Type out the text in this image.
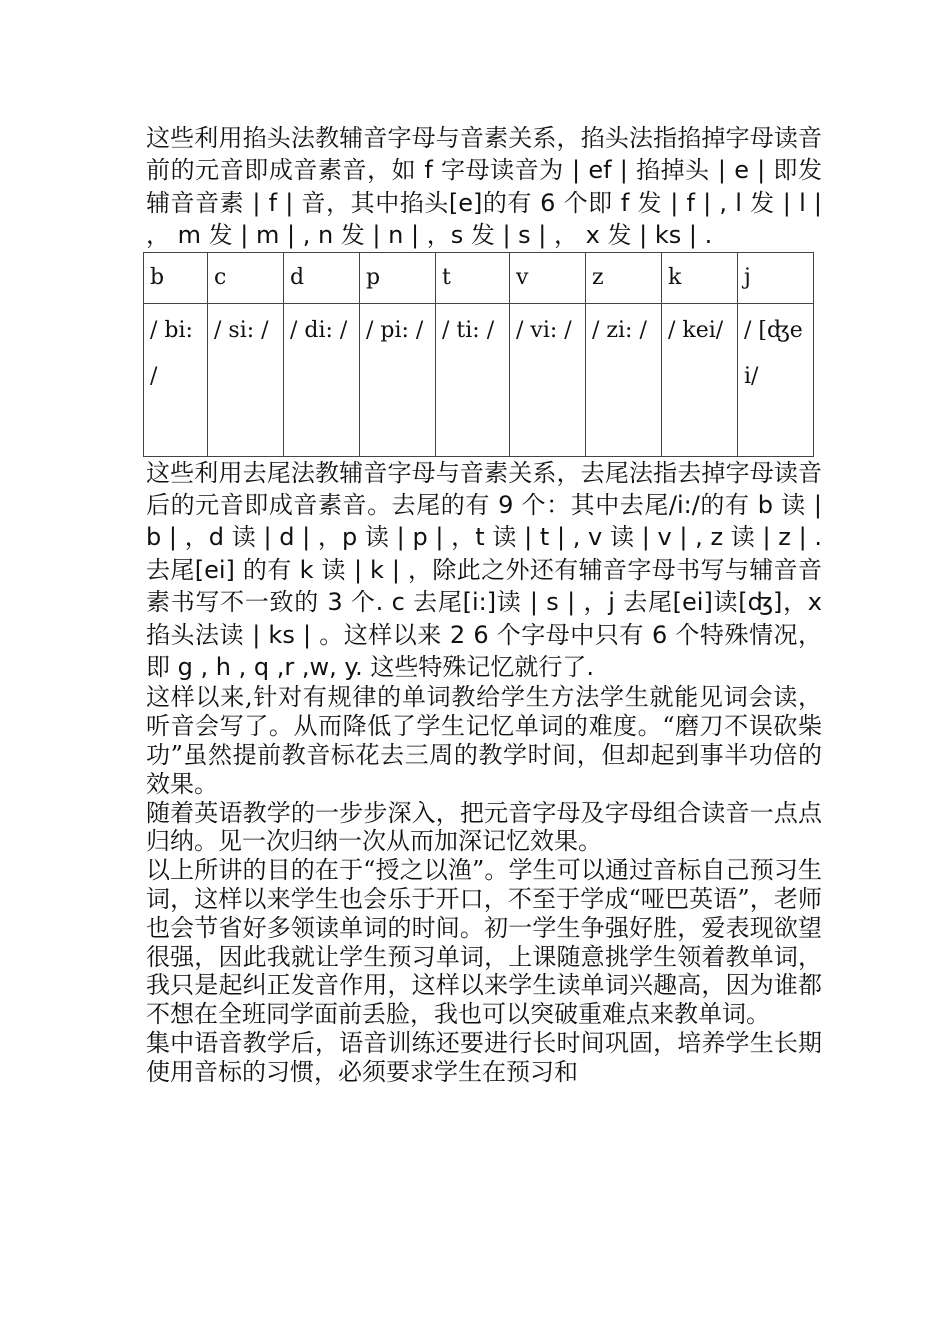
这些利用掐头法教辅音字母与音素关系，掐头法指掐掉字母读音前的元音即成音素音，如 f 字母读音为 | ef | 掐掉头 | e | 即发辅音音素 | f | 音，其中掐头[e]的有 6 个即 f 发 | f | , l 发 | l | ， m 发 | m | , n 发 | n | ，s 发 | s | ， x 发 | ks | .

b	c	d	p	t	v	z	k	j
/ bi: /	/ si: /	/ di: /	/ pi: /	/ ti: /	/ vi: /	/ zi: /	/ kei/	/ [ʤei/

这些利用去尾法教辅音字母与音素关系，去尾法指去掉字母读音后的元音即成音素音。去尾的有 9 个：其中去尾/i:/的有 b 读 | b | ，d 读 | d | ，p 读 | p | ，t 读 | t | , v 读 | v | , z 读 | z | .去尾[ei] 的有 k 读 | k | ，除此之外还有辅音字母书写与辅音音素书写不一致的 3 个. c 去尾[i:]读 | s | ，j 去尾[ei]读[ʤ]，x 掐头法读 | ks | 。这样以来 2 6 个字母中只有 6 个特殊情况，即 g , h , q ,r ,w, y. 这些特殊记忆就行了.

这样以来,针对有规律的单词教给学生方法学生就能见词会读，听音会写了。从而降低了学生记忆单词的难度。“磨刀不误砍柴功”虽然提前教音标花去三周的教学时间，但却起到事半功倍的效果。

随着英语教学的一步步深入，把元音字母及字母组合读音一点点归纳。见一次归纳一次从而加深记忆效果。

以上所讲的目的在于“授之以渔”。学生可以通过音标自己预习生词，这样以来学生也会乐于开口，不至于学成“哑巴英语”，老师也会节省好多领读单词的时间。初一学生争强好胜，爱表现欲望很强，因此我就让学生预习单词，上课随意挑学生领着教单词，我只是起纠正发音作用，这样以来学生读单词兴趣高，因为谁都不想在全班同学面前丢脸，我也可以突破重难点来教单词。

集中语音教学后，语音训练还要进行长时间巩固，培养学生长期使用音标的习惯，必须要求学生在预习和
